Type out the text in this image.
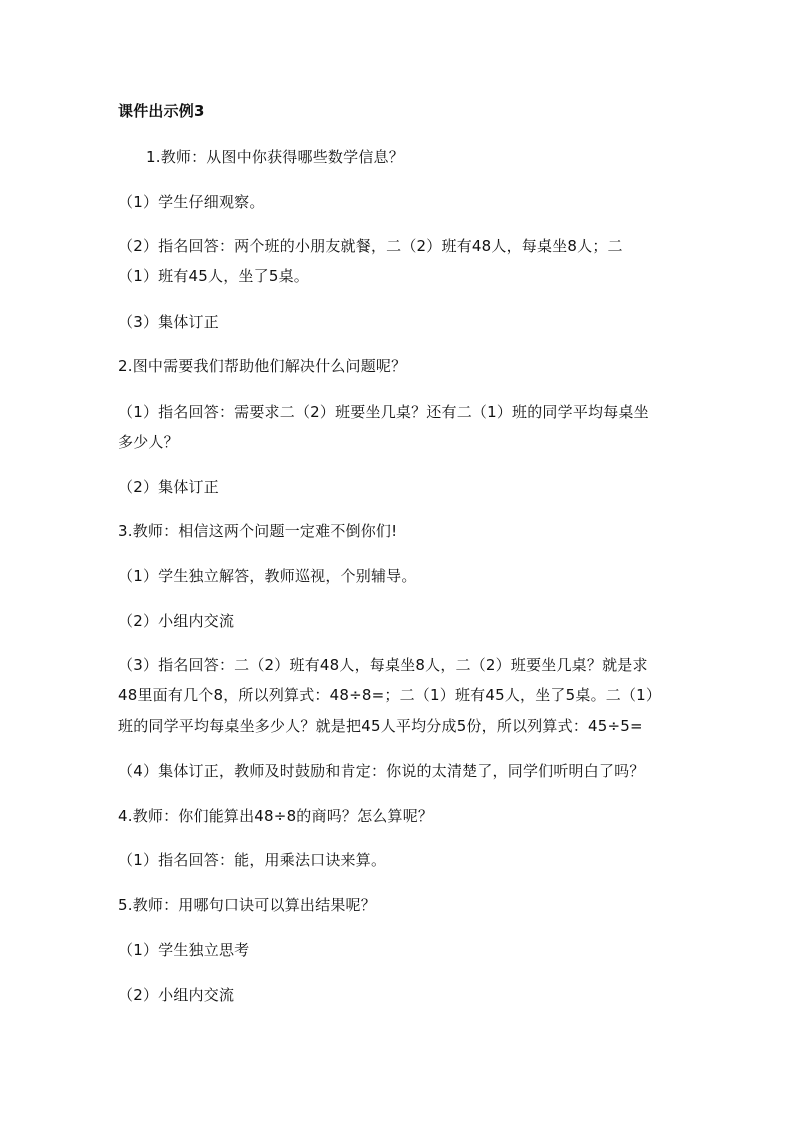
课件出示例3
1.教师：从图中你获得哪些数学信息？
（1）学生仔细观察。
（2）指名回答：两个班的小朋友就餐，二（2）班有48人，每桌坐8人；二
（1）班有45人，坐了5桌。
（3）集体订正
2.图中需要我们帮助他们解决什么问题呢？
（1）指名回答：需要求二（2）班要坐几桌？还有二（1）班的同学平均每桌坐
多少人？
（2）集体订正
3.教师：相信这两个问题一定难不倒你们!
（1）学生独立解答，教师巡视，个别辅导。
（2）小组内交流
（3）指名回答：二（2）班有48人，每桌坐8人，二（2）班要坐几桌？就是求
48里面有几个8，所以列算式：48÷8=；二（1）班有45人，坐了5桌。二（1）
班的同学平均每桌坐多少人？就是把45人平均分成5份，所以列算式：45÷5=
（4）集体订正，教师及时鼓励和肯定：你说的太清楚了，同学们听明白了吗？
4.教师：你们能算出48÷8的商吗？怎么算呢？
（1）指名回答：能，用乘法口诀来算。
5.教师：用哪句口诀可以算出结果呢？
（1）学生独立思考
（2）小组内交流
